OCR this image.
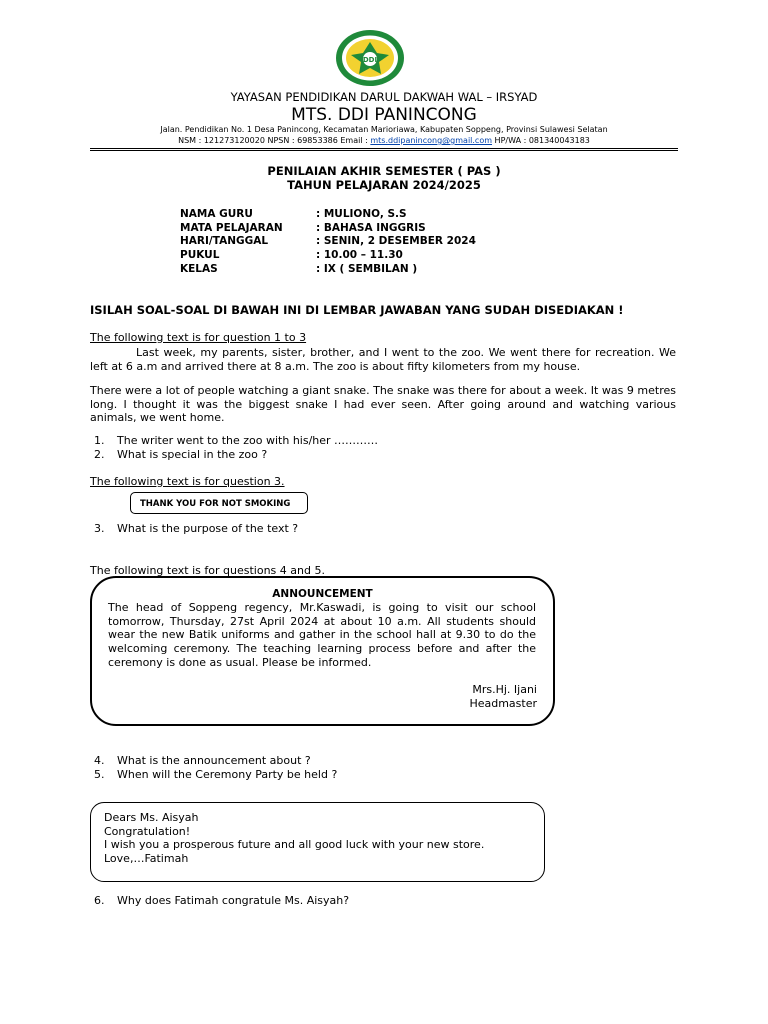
DDI
YAYASAN PENDIDIKAN DARUL DAKWAH WAL – IRSYAD
MTS. DDI PANINCONG
Jalan. Pendidikan No. 1 Desa Panincong, Kecamatan Marioriawa, Kabupaten Soppeng, Provinsi Sulawesi Selatan
NSM : 121273120020 NPSN : 69853386 Email : mts.ddipanincong@gmail.com HP/WA : 081340043183
PENILAIAN AKHIR SEMESTER ( PAS )
TAHUN PELAJARAN 2024/2025
NAMA GURU	: MULIONO, S.S
MATA PELAJARAN	: BAHASA INGGRIS
HARI/TANGGAL	: SENIN, 2 DESEMBER 2024
PUKUL	: 10.00 – 11.30
KELAS	: IX ( SEMBILAN )
ISILAH SOAL-SOAL DI BAWAH INI DI LEMBAR JAWABAN YANG SUDAH DISEDIAKAN !
The following text is for question 1 to 3
Last week, my parents, sister, brother, and I went to the zoo. We went there for recreation. We left at 6 a.m and arrived there at 8 a.m. The zoo is about fifty kilometers from my house.
There were a lot of people watching a giant snake. The snake was there for about a week. It was 9 metres long. I thought it was the biggest snake I had ever seen. After going around and watching various animals, we went home.
1. The writer went to the zoo with his/her …………
2. What is special in the zoo ?
The following text is for question 3.
THANK YOU FOR NOT SMOKING
3. What is the purpose of the text ?
The following text is for questions 4 and 5.
ANNOUNCEMENT
The head of Soppeng regency, Mr.Kaswadi, is going to visit our school tomorrow, Thursday, 27st April 2024 at about 10 a.m. All students should wear the new Batik uniforms and gather in the school hall at 9.30 to do the welcoming ceremony. The teaching learning process before and after the ceremony is done as usual. Please be informed.
Mrs.Hj. Ijani
Headmaster
4. What is the announcement about ?
5. When will the Ceremony Party be held ?
Dears Ms. Aisyah
Congratulation!
I wish you a prosperous future and all good luck with your new store.
Love,…Fatimah
6. Why does Fatimah congratule Ms. Aisyah?
